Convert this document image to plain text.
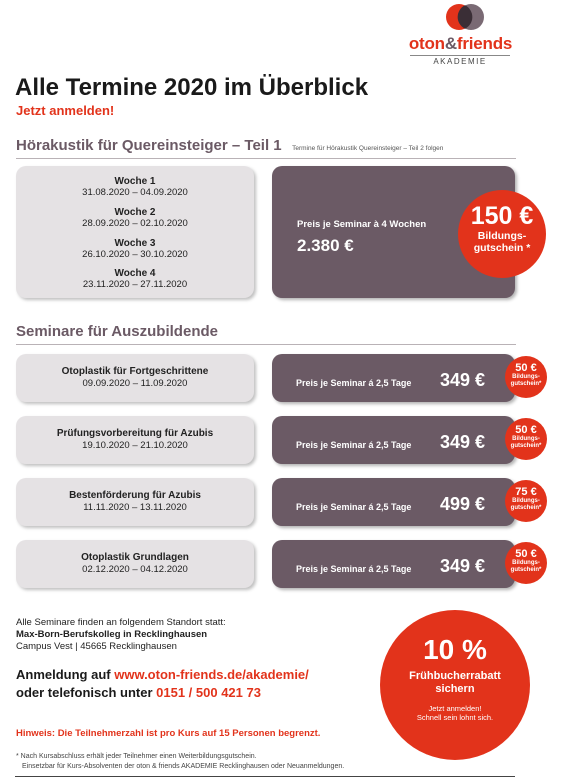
oton&friends
AKADEMIE
Alle Termine 2020 im Überblick
Jetzt anmelden!
Hörakustik für Quereinsteiger – Teil 1 Termine für Hörakustik Quereinsteiger – Teil 2 folgen
Woche 1
31.08.2020 – 04.09.2020
Woche 2
28.09.2020 – 02.10.2020
Woche 3
26.10.2020 – 30.10.2020
Woche 4
23.11.2020 – 27.11.2020
Preis je Seminar à 4 Wochen
2.380 €
150 €
Bildungs-
gutschein *
Seminare für Auszubildende
Otoplastik für Fortgeschrittene
09.09.2020 – 11.09.2020	Preis je Seminar á 2,5 Tage 349 €
50 €
Bildungs-
gutschein*
Prüfungsvorbereitung für Azubis
19.10.2020 – 21.10.2020	Preis je Seminar á 2,5 Tage 349 €
50 €
Bildungs-
gutschein*
Bestenförderung für Azubis
11.11.2020 – 13.11.2020	Preis je Seminar á 2,5 Tage 499 €
75 €
Bildungs-
gutschein*
Otoplastik Grundlagen
02.12.2020 – 04.12.2020	Preis je Seminar á 2,5 Tage 349 €
50 €
Bildungs-
gutschein*
Alle Seminare finden an folgendem Standort statt:
Max-Born-Berufskolleg in Recklinghausen
Campus Vest | 45665 Recklinghausen
Anmeldung auf www.oton-friends.de/akademie/
oder telefonisch unter 0151 / 500 421 73
10 %
Frühbucherrabatt
sichern
Jetzt anmelden!
Schnell sein lohnt sich.
Hinweis: Die Teilnehmerzahl ist pro Kurs auf 15 Personen begrenzt.
* Nach Kursabschluss erhält jeder Teilnehmer einen Weiterbildungsgutschein.
Einsetzbar für Kurs-Absolventen der oton & friends AKADEMIE Recklinghausen oder Neuanmeldungen.
